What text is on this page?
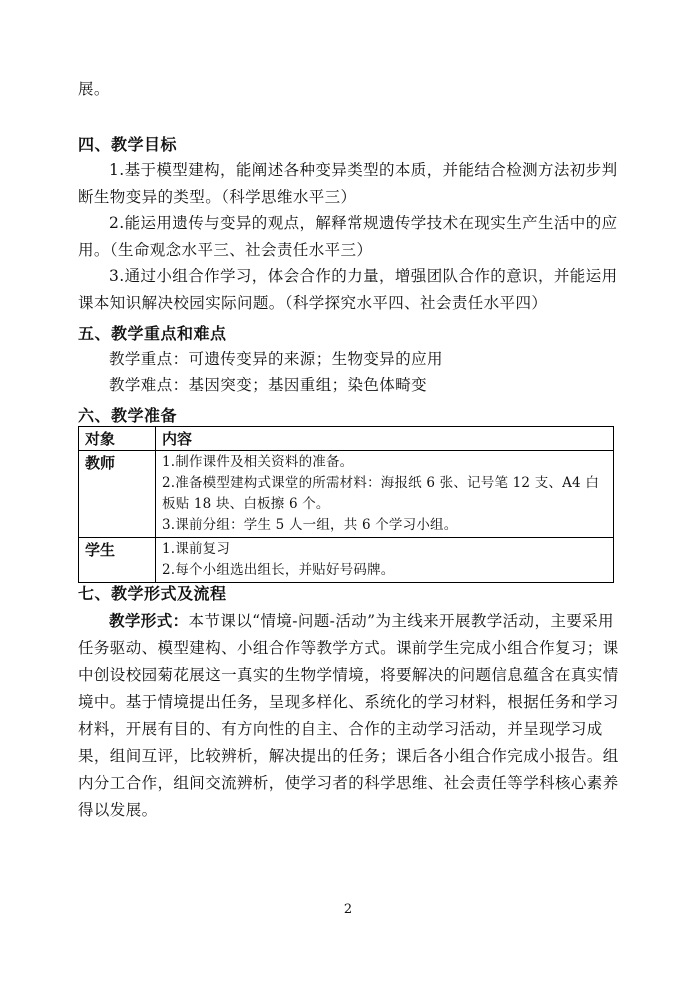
展。

四、教学目标

1.基于模型建构，能阐述各种变异类型的本质，并能结合检测方法初步判断生物变异的类型。（科学思维水平三）

2.能运用遗传与变异的观点，解释常规遗传学技术在现实生产生活中的应用。（生命观念水平三、社会责任水平三）

3.通过小组合作学习，体会合作的力量，增强团队合作的意识，并能运用课本知识解决校园实际问题。（科学探究水平四、社会责任水平四）

五、教学重点和难点

教学重点：可遗传变异的来源；生物变异的应用

教学难点：基因突变；基因重组；染色体畸变

六、教学准备
对象	内容
教师	1.制作课件及相关资料的准备。
2.准备模型建构式课堂的所需材料：海报纸 6 张、记号笔 12 支、A4 白板贴 18 块、白板擦 6 个。
3.课前分组：学生 5 人一组，共 6 个学习小组。

学生	1.课前复习
2.每个小组选出组长，并贴好号码牌。
七、教学形式及流程

教学形式：本节课以“情境-问题-活动”为主线来开展教学活动，主要采用任务驱动、模型建构、小组合作等教学方式。课前学生完成小组合作复习；课中创设校园菊花展这一真实的生物学情境，将要解决的问题信息蕴含在真实情境中。基于情境提出任务，呈现多样化、系统化的学习材料，根据任务和学习材料，开展有目的、有方向性的自主、合作的主动学习活动，并呈现学习成果，组间互评，比较辨析，解决提出的任务；课后各小组合作完成小报告。组内分工合作，组间交流辨析，使学习者的科学思维、社会责任等学科核心素养得以发展。

2
